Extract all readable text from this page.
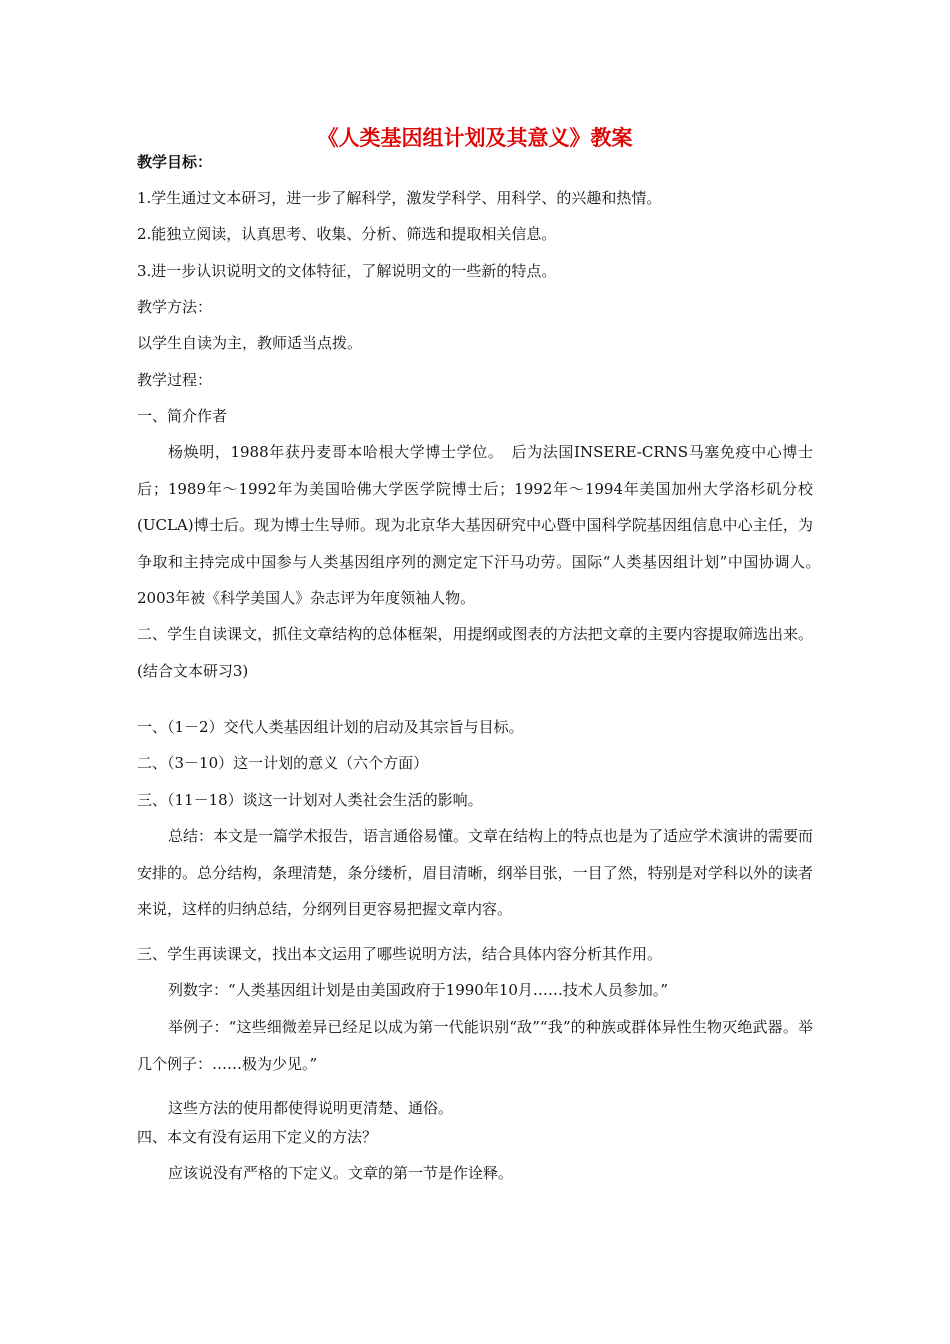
《人类基因组计划及其意义》教案
教学目标：
1.学生通过文本研习，进一步了解科学，激发学科学、用科学、的兴趣和热情。
2.能独立阅读，认真思考、收集、分析、筛选和提取相关信息。
3.进一步认识说明文的文体特征，了解说明文的一些新的特点。
教学方法：
以学生自读为主，教师适当点拨。
教学过程：
一、简介作者
杨焕明，1988年获丹麦哥本哈根大学博士学位。　后为法国INSERE-CRNS马塞免疫中心博士后；1989年～1992年为美国哈佛大学医学院博士后；1992年～1994年美国加州大学洛杉矶分校(UCLA)博士后。现为博士生导师。现为北京华大基因研究中心暨中国科学院基因组信息中心主任，为争取和主持完成中国参与人类基因组序列的测定定下汗马功劳。国际“人类基因组计划”中国协调人。　2003年被《科学美国人》杂志评为年度领袖人物。
二、学生自读课文，抓住文章结构的总体框架，用提纲或图表的方法把文章的主要内容提取筛选出来。(结合文本研习3)
一、（1－2）交代人类基因组计划的启动及其宗旨与目标。
二、（3－10）这一计划的意义（六个方面）
三、（11－18）谈这一计划对人类社会生活的影响。
总结：本文是一篇学术报告，语言通俗易懂。文章在结构上的特点也是为了适应学术演讲的需要而安排的。总分结构，条理清楚，条分缕析，眉目清晰，纲举目张，一目了然，特别是对学科以外的读者来说，这样的归纳总结，分纲列目更容易把握文章内容。
三、学生再读课文，找出本文运用了哪些说明方法，结合具体内容分析其作用。
列数字：“人类基因组计划是由美国政府于1990年10月……技术人员参加。”
举例子：“这些细微差异已经足以成为第一代能识别“敌”“我”的种族或群体异性生物灭绝武器。举几个例子：……极为少见。”
这些方法的使用都使得说明更清楚、通俗。
四、本文有没有运用下定义的方法？
应该说没有严格的下定义。文章的第一节是作诠释。
